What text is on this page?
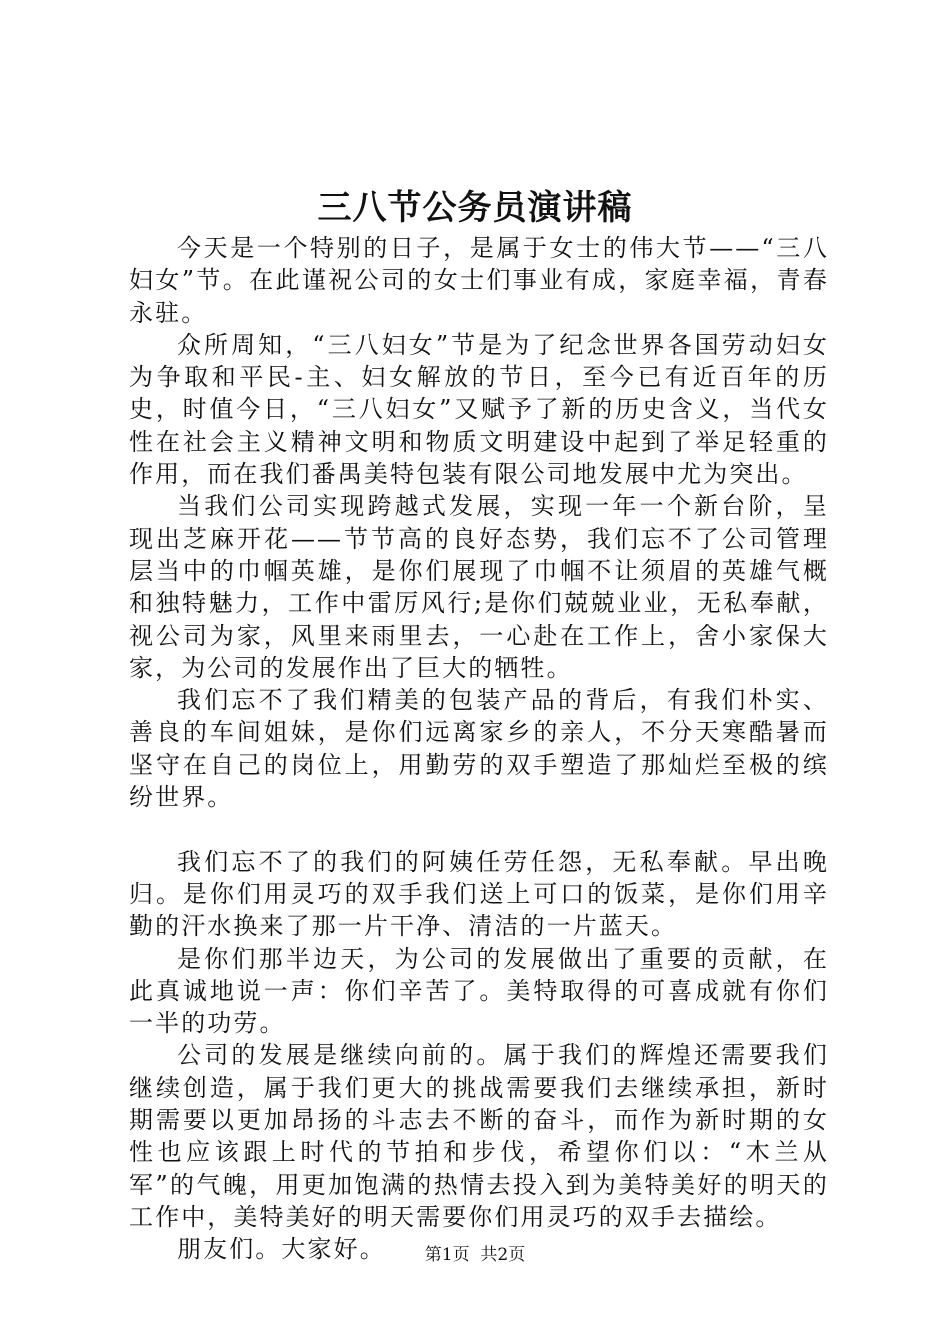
三八节公务员演讲稿

今天是一个特别的日子，是属于女士的伟大节——“三八妇女”节。在此谨祝公司的女士们事业有成，家庭幸福，青春永驻。

众所周知，“三八妇女”节是为了纪念世界各国劳动妇女为争取和平民-主、妇女解放的节日，至今已有近百年的历史，时值今日，“三八妇女”又赋予了新的历史含义，当代女性在社会主义精神文明和物质文明建设中起到了举足轻重的作用，而在我们番禺美特包装有限公司地发展中尤为突出。

当我们公司实现跨越式发展，实现一年一个新台阶，呈现出芝麻开花——节节高的良好态势，我们忘不了公司管理层当中的巾帼英雄，是你们展现了巾帼不让须眉的英雄气概和独特魅力，工作中雷厉风行;是你们兢兢业业，无私奉献，视公司为家，风里来雨里去，一心赴在工作上，舍小家保大家，为公司的发展作出了巨大的牺牲。

我们忘不了我们精美的包装产品的背后，有我们朴实、善良的车间姐妹，是你们远离家乡的亲人，不分天寒酷暑而坚守在自己的岗位上，用勤劳的双手塑造了那灿烂至极的缤纷世界。

我们忘不了的我们的阿姨任劳任怨，无私奉献。早出晚归。是你们用灵巧的双手我们送上可口的饭菜，是你们用辛勤的汗水换来了那一片干净、清洁的一片蓝天。

是你们那半边天，为公司的发展做出了重要的贡献，在此真诚地说一声：你们辛苦了。美特取得的可喜成就有你们一半的功劳。

公司的发展是继续向前的。属于我们的辉煌还需要我们继续创造，属于我们更大的挑战需要我们去继续承担，新时期需要以更加昂扬的斗志去不断的奋斗，而作为新时期的女性也应该跟上时代的节拍和步伐，希望你们以：“木兰从军”的气魄，用更加饱满的热情去投入到为美特美好的明天的工作中，美特美好的明天需要你们用灵巧的双手去描绘。

朋友们。大家好。	第1页 共2页
